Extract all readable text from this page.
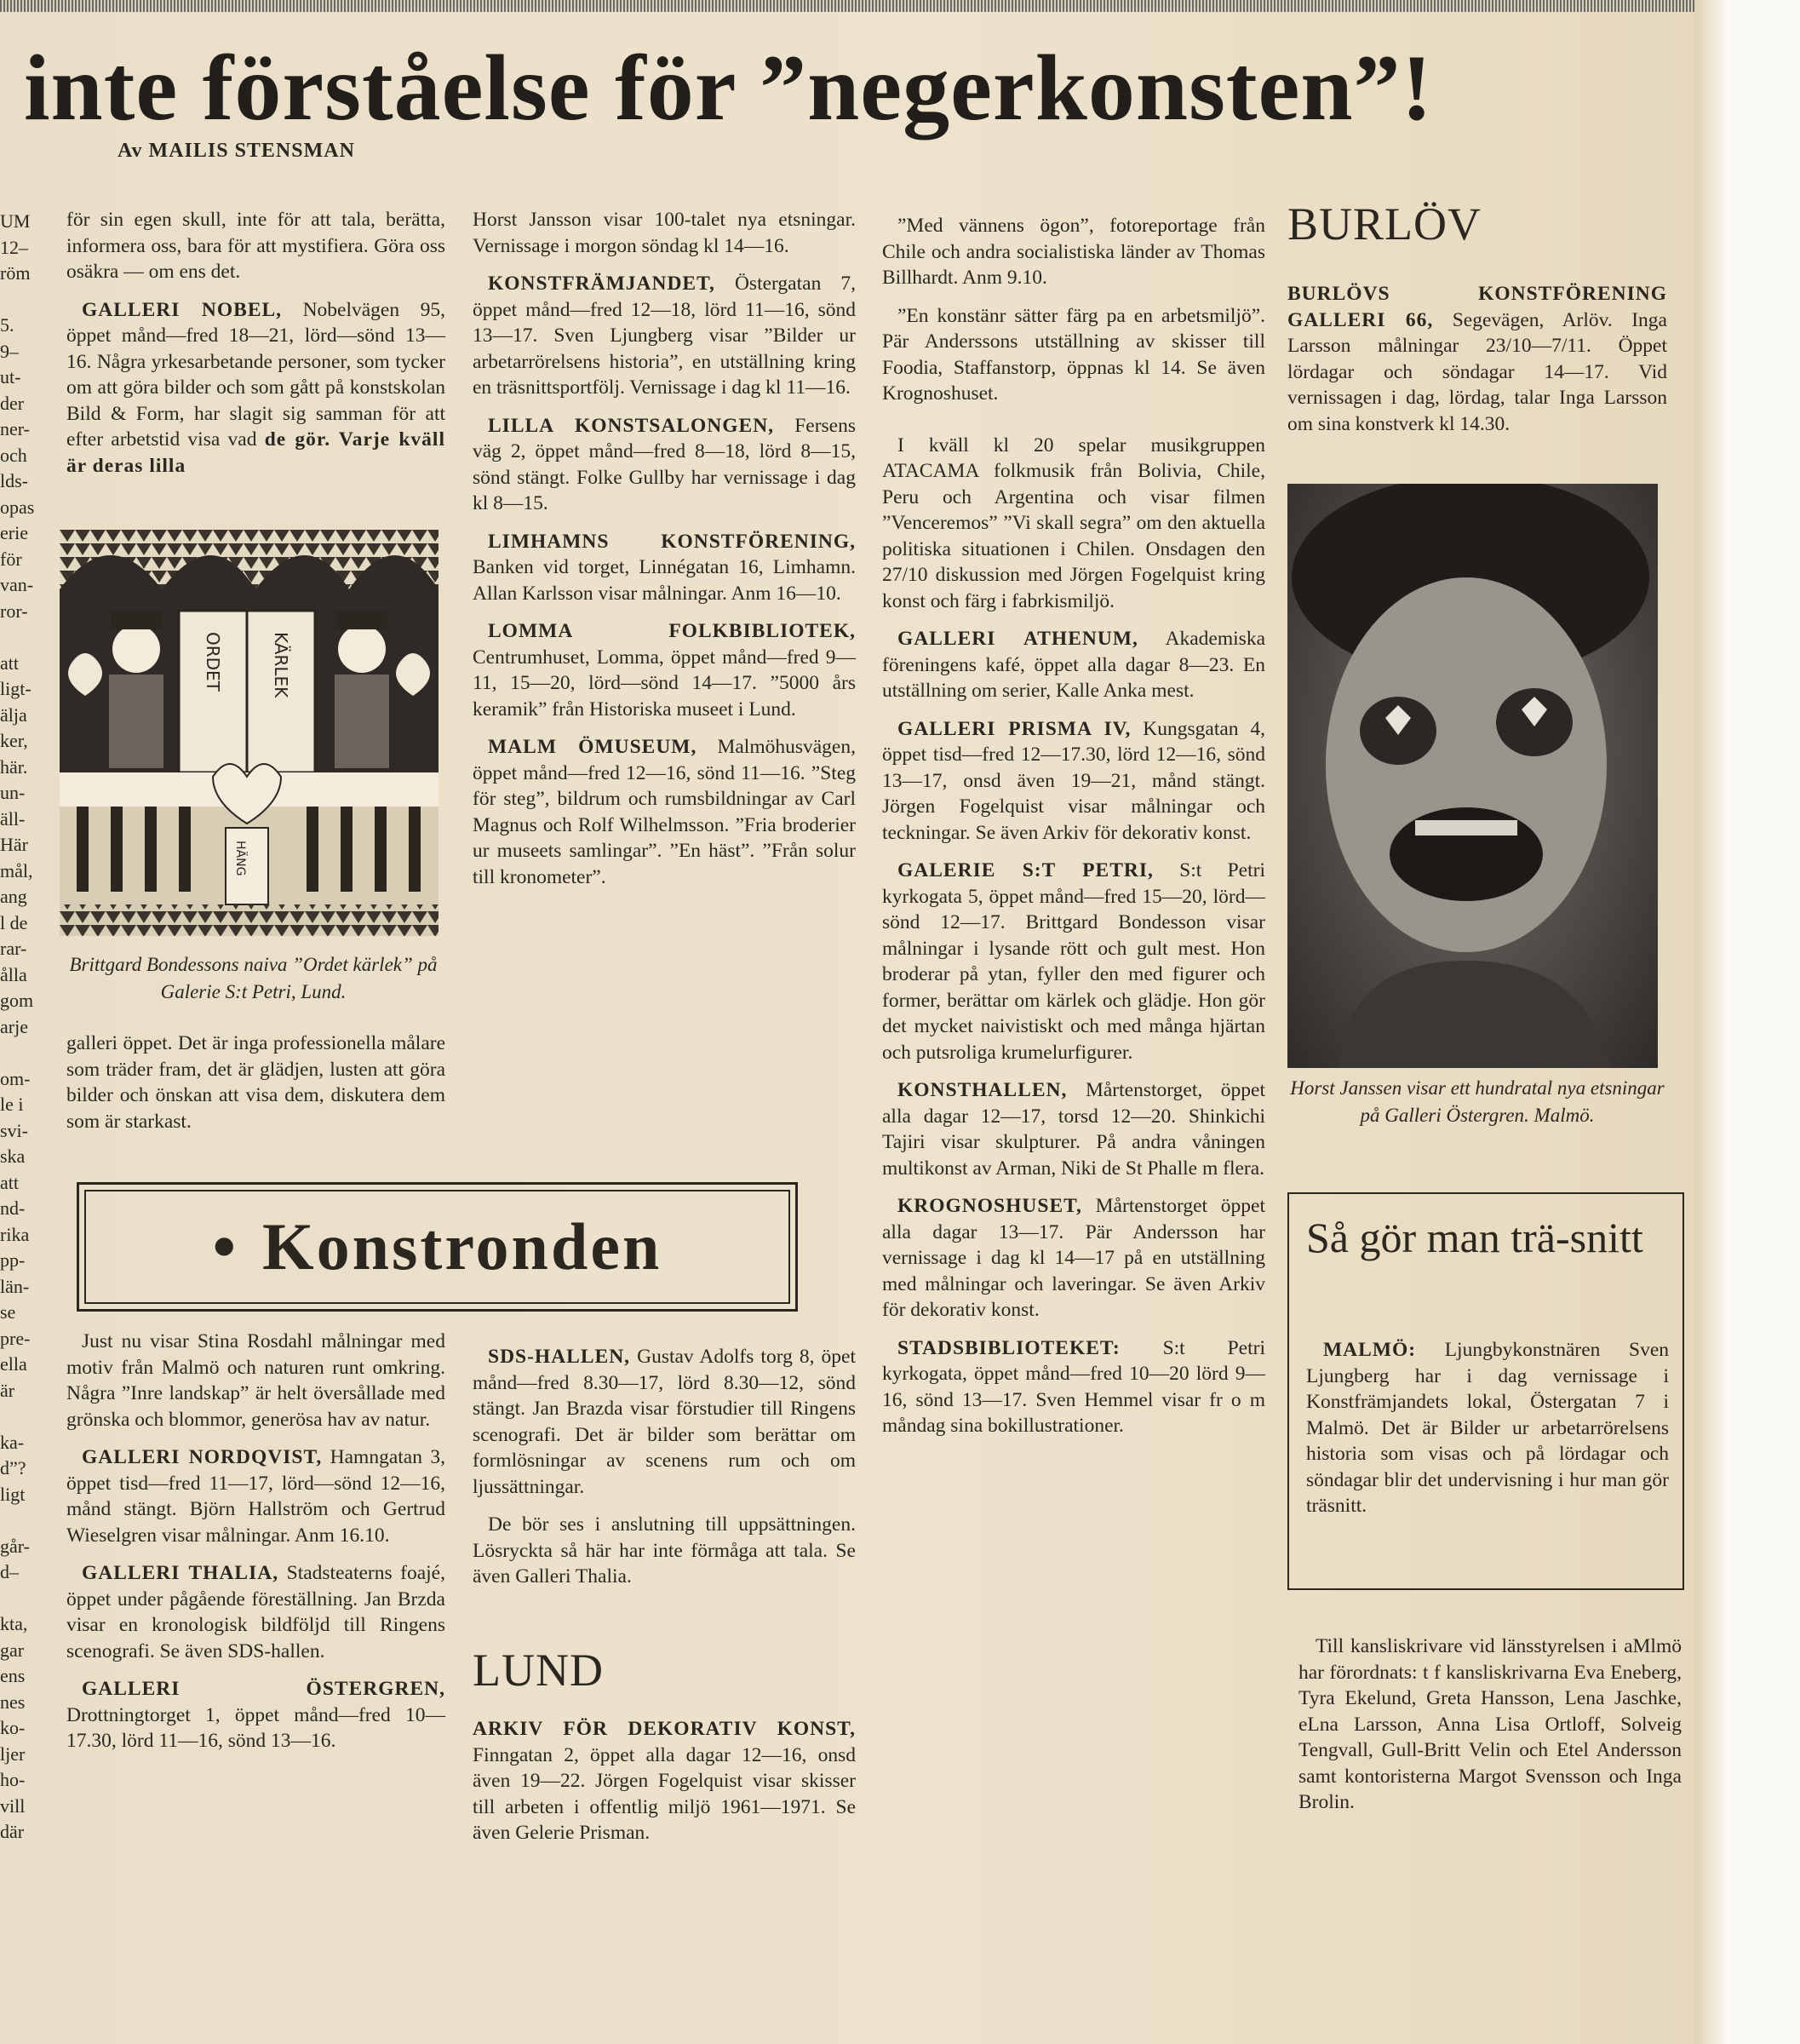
inte förståelse för ”negerkonsten”!
Av MAILIS STENSMAN
UM
12–
röm

5.
9–
ut-
der
ner-
och
lds-
opas
erie
för
van-
ror-

att
ligt-
älja
ker,
här.
un-
äll-
Här
mål,
ang
l de
rar-
ålla
gom
arje

om-
le i
svi-
ska
att
nd-
rika
pp-
län-
se
pre-
ella
är

ka-
d”?
ligt

går-
d–

kta,
gar
ens
nes
ko-
ljer
ho-
vill
där

för sin egen skull, inte för att tala, berätta, informera oss, bara för att mystifiera. Göra oss osäkra — om ens det.

GALLERI NOBEL, Nobelvägen 95, öppet månd—fred 18—21, lörd—sönd 13—16. Några yrkesarbetande personer, som tycker om att göra bilder och som gått på konstskolan Bild & Form, har slagit sig samman för att efter arbetstid visa vad de gör. Varje kväll är deras lilla

ORDET	KÄRLEK
HÄNG
Brittgard Bondessons naiva ”Ordet kärlek” på Galerie S:t Petri, Lund.

galleri öppet. Det är inga professionella målare som träder fram, det är glädjen, lusten att göra bilder och önskan att visa dem, diskutera dem som är starkast.

Horst Jansson visar 100-talet nya etsningar. Vernissage i morgon söndag kl 14—16.

KONSTFRÄMJANDET, Östergatan 7, öppet månd—fred 12—18, lörd 11—16, sönd 13—17. Sven Ljungberg visar ”Bilder ur arbetarrörelsens historia”, en utställning kring en träsnittsportfölj. Vernissage i dag kl 11—16.

LILLA KONSTSALONGEN, Fersens väg 2, öppet månd—fred 8—18, lörd 8—15, sönd stängt. Folke Gullby har vernissage i dag kl 8—15.

LIMHAMNS KONSTFÖRENING, Banken vid torget, Linnégatan 16, Limhamn. Allan Karlsson visar målningar. Anm 16—10.

LOMMA FOLKBIBLIOTEK, Centrumhuset, Lomma, öppet månd—fred 9—11, 15—20, lörd—sönd 14—17. ”5000 års keramik” från Historiska museet i Lund.

MALM ÖMUSEUM, Malmöhusvägen, öppet månd—fred 12—16, sönd 11—16. ”Steg för steg”, bildrum och rumsbildningar av Carl Magnus och Rolf Wilhelmsson. ”Fria broderier ur museets samlingar”. ”En häst”. ”Från solur till kronometer”.

• Konstronden

Just nu visar Stina Rosdahl målningar med motiv från Malmö och naturen runt omkring. Några ”Inre landskap” är helt översållade med grönska och blommor, generösa hav av natur.

GALLERI NORDQVIST, Hamngatan 3, öppet tisd—fred 11—17, lörd—sönd 12—16, månd stängt. Björn Hallström och Gertrud Wieselgren visar målningar. Anm 16.10.

GALLERI THALIA, Stadsteaterns foajé, öppet under pågående föreställning. Jan Brzda visar en kronologisk bildföljd till Ringens scenografi. Se även SDS-hallen.

GALLERI ÖSTERGREN, Drottningtorget 1, öppet månd—fred 10—17.30, lörd 11—16, sönd 13—16.

SDS-HALLEN, Gustav Adolfs torg 8, öpet månd—fred 8.30—17, lörd 8.30—12, sönd stängt. Jan Brazda visar förstudier till Ringens scenografi. Det är bilder som berättar om formlösningar av scenens rum och om ljussättningar.

De bör ses i anslutning till uppsättningen. Lösryckta så här har inte förmåga att tala. Se även Galleri Thalia.

LUND

ARKIV FÖR DEKORATIV KONST, Finngatan 2, öppet alla dagar 12—16, onsd även 19—22. Jörgen Fogelquist visar skisser till arbeten i offentlig miljö 1961—1971. Se även Gelerie Prisman.

”Med vännens ögon”, fotoreportage från Chile och andra socialistiska länder av Thomas Billhardt. Anm 9.10.

”En konstänr sätter färg pa en arbetsmiljö”. Pär Anderssons utställning av skisser till Foodia, Staffanstorp, öppnas kl 14. Se även Krognoshuset.

I kväll kl 20 spelar musikgruppen ATACAMA folkmusik från Bolivia, Chile, Peru och Argentina och visar filmen ”Venceremos” ”Vi skall segra” om den aktuella politiska situationen i Chilen. Onsdagen den 27/10 diskussion med Jörgen Fogelquist kring konst och färg i fabrkismiljö.

GALLERI ATHENUM, Akademiska föreningens kafé, öppet alla dagar 8—23. En utställning om serier, Kalle Anka mest.

GALLERI PRISMA IV, Kungsgatan 4, öppet tisd—fred 12—17.30, lörd 12—16, sönd 13—17, onsd även 19—21, månd stängt. Jörgen Fogelquist visar målningar och teckningar. Se även Arkiv för dekorativ konst.

GALERIE S:T PETRI, S:t Petri kyrkogata 5, öppet månd—fred 15—20, lörd—sönd 12—17. Brittgard Bondesson visar målningar i lysande rött och gult mest. Hon broderar på ytan, fyller den med figurer och former, berättar om kärlek och glädje. Hon gör det mycket naivistiskt och med många hjärtan och putsroliga krumelurfigurer.

KONSTHALLEN, Mårtenstorget, öppet alla dagar 12—17, torsd 12—20. Shinkichi Tajiri visar skulpturer. På andra våningen multikonst av Arman, Niki de St Phalle m flera.

KROGNOSHUSET, Mårtenstorget öppet alla dagar 13—17. Pär Andersson har vernissage i dag kl 14—17 på en utställning med målningar och laveringar. Se även Arkiv för dekorativ konst.

STADSBIBLIOTEKET: S:t Petri kyrkogata, öppet månd—fred 10—20 lörd 9—16, sönd 13—17. Sven Hemmel visar fr o m måndag sina bokillustrationer.

BURLÖV

BURLÖVS KONSTFÖRENING GALLERI 66, Segevägen, Arlöv. Inga Larsson målningar 23/10—7/11. Öppet lördagar och söndagar 14—17. Vid vernissagen i dag, lördag, talar Inga Larsson om sina konstverk kl 14.30.

Horst Janssen visar ett hundratal nya etsningar på Galleri Östergren. Malmö.
Så gör man trä-snitt
MALMÖ: Ljungbykonstnären Sven Ljungberg har i dag vernissage i Konstfrämjandets lokal, Östergatan 7 i Malmö. Det är Bilder ur arbetarrörelsens historia som visas och på lördagar och söndagar blir det undervisning i hur man gör träsnitt.
Till kansliskrivare vid länsstyrelsen i aMlmö har förordnats: t f kansliskrivarna Eva Eneberg, Tyra Ekelund, Greta Hansson, Lena Jaschke, eLna Larsson, Anna Lisa Ortloff, Solveig Tengvall, Gull-Britt Velin och Etel Andersson samt kontoristerna Margot Svensson och Inga Brolin.
